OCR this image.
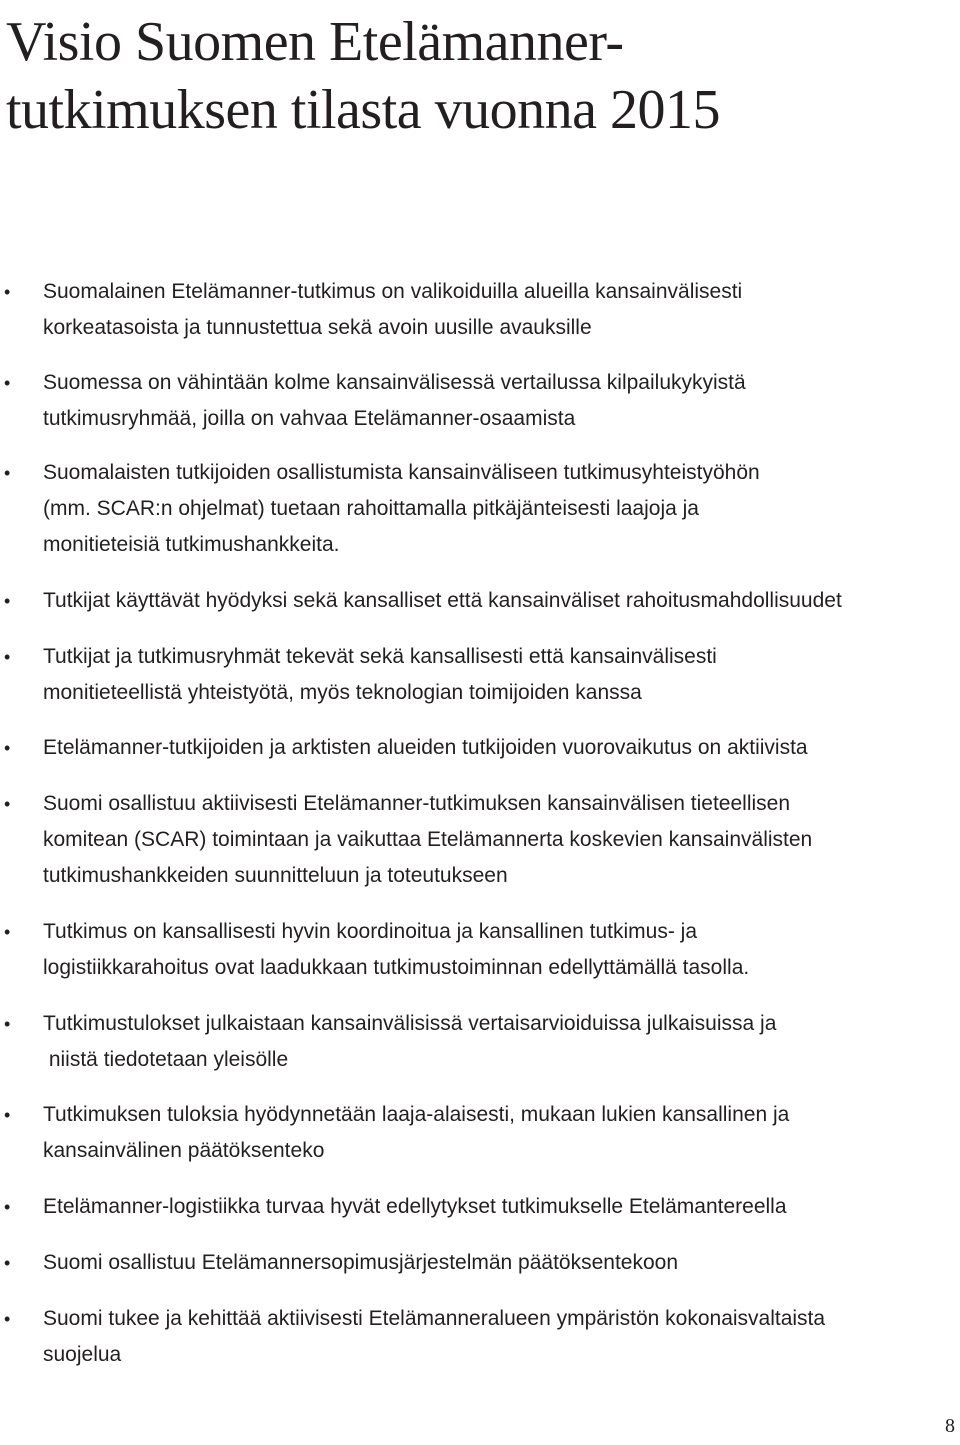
Visio Suomen Etelämanner-
tutkimuksen tilasta vuonna 2015
• Suomalainen Etelämanner-tutkimus on valikoiduilla alueilla kansainvälisesti
korkeatasoista ja tunnustettua sekä avoin uusille avauksille
• Suomessa on vähintään kolme kansainvälisessä vertailussa kilpailukykyistä
tutkimusryhmää, joilla on vahvaa Etelämanner-osaamista
• Suomalaisten tutkijoiden osallistumista kansainväliseen tutkimusyhteistyöhön
(mm. SCAR:n ohjelmat) tuetaan rahoittamalla pitkäjänteisesti laajoja ja
monitieteisiä tutkimushankkeita.
• Tutkijat käyttävät hyödyksi sekä kansalliset että kansainväliset rahoitusmahdollisuudet
• Tutkijat ja tutkimusryhmät tekevät sekä kansallisesti että kansainvälisesti
monitieteellistä yhteistyötä, myös teknologian toimijoiden kanssa
• Etelämanner-tutkijoiden ja arktisten alueiden tutkijoiden vuorovaikutus on aktiivista
• Suomi osallistuu aktiivisesti Etelämanner-tutkimuksen kansainvälisen tieteellisen
komitean (SCAR) toimintaan ja vaikuttaa Etelämannerta koskevien kansainvälisten
tutkimushankkeiden suunnitteluun ja toteutukseen
• Tutkimus on kansallisesti hyvin koordinoitua ja kansallinen tutkimus- ja
logistiikkarahoitus ovat laadukkaan tutkimustoiminnan edellyttämällä tasolla.
• Tutkimustulokset julkaistaan kansainvälisissä vertaisarvioiduissa julkaisuissa ja
niistä tiedotetaan yleisölle
• Tutkimuksen tuloksia hyödynnetään laaja-alaisesti, mukaan lukien kansallinen ja
kansainvälinen päätöksenteko
• Etelämanner-logistiikka turvaa hyvät edellytykset tutkimukselle Etelämantereella
• Suomi osallistuu Etelämannersopimusjärjestelmän päätöksentekoon
• Suomi tukee ja kehittää aktiivisesti Etelämanneralueen ympäristön kokonaisvaltaista
suojelua
8
